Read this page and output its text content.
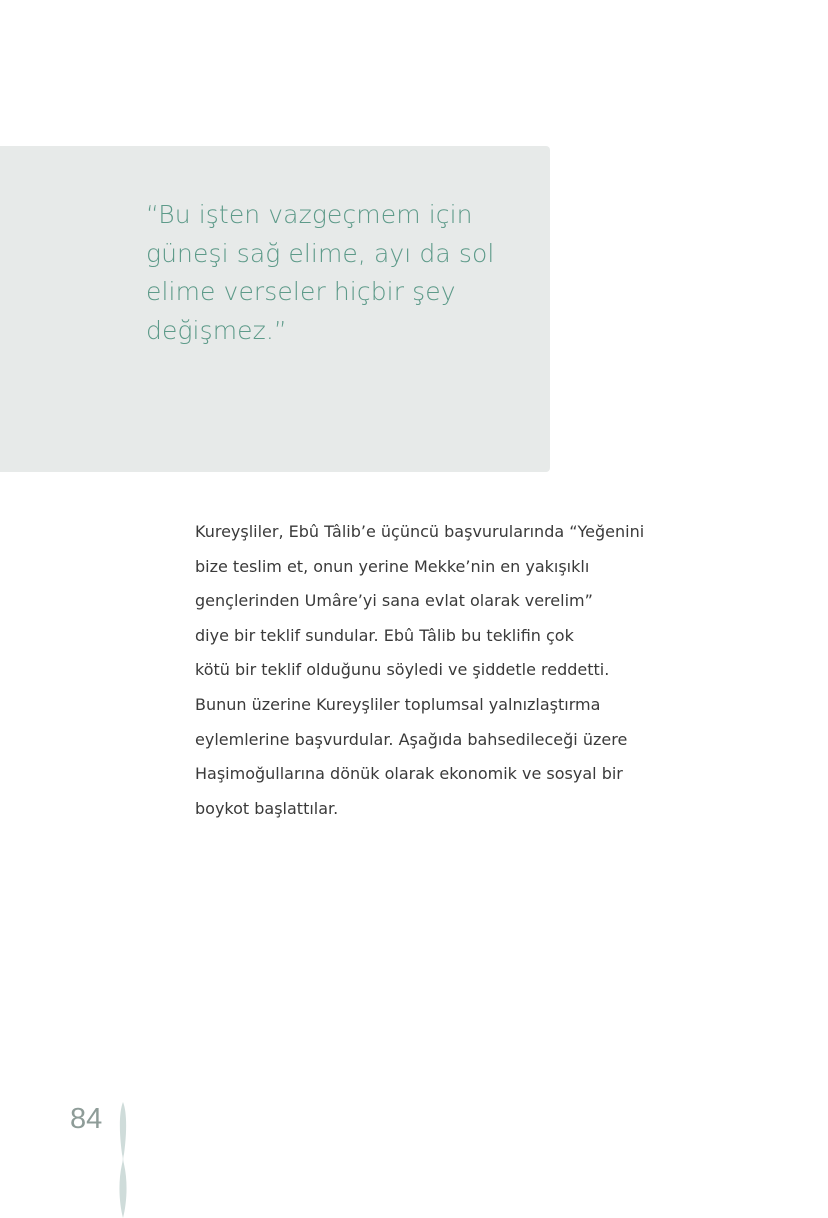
“Bu işten vazgeçmem için
güneşi sağ elime, ayı da sol
elime verseler hiçbir şey
değişmez.”
Kureyşliler, Ebû Tâlib’e üçüncü başvurularında “Yeğenini
bize teslim et, onun yerine Mekke’nin en yakışıklı
gençlerinden Umâre’yi sana evlat olarak verelim”
diye bir teklif sundular. Ebû Tâlib bu teklifin çok
kötü bir teklif olduğunu söyledi ve şiddetle reddetti.
Bunun üzerine Kureyşliler toplumsal yalnızlaştırma
eylemlerine başvurdular. Aşağıda bahsedileceği üzere
Haşimoğullarına dönük olarak ekonomik ve sosyal bir
boykot başlattılar.
84
